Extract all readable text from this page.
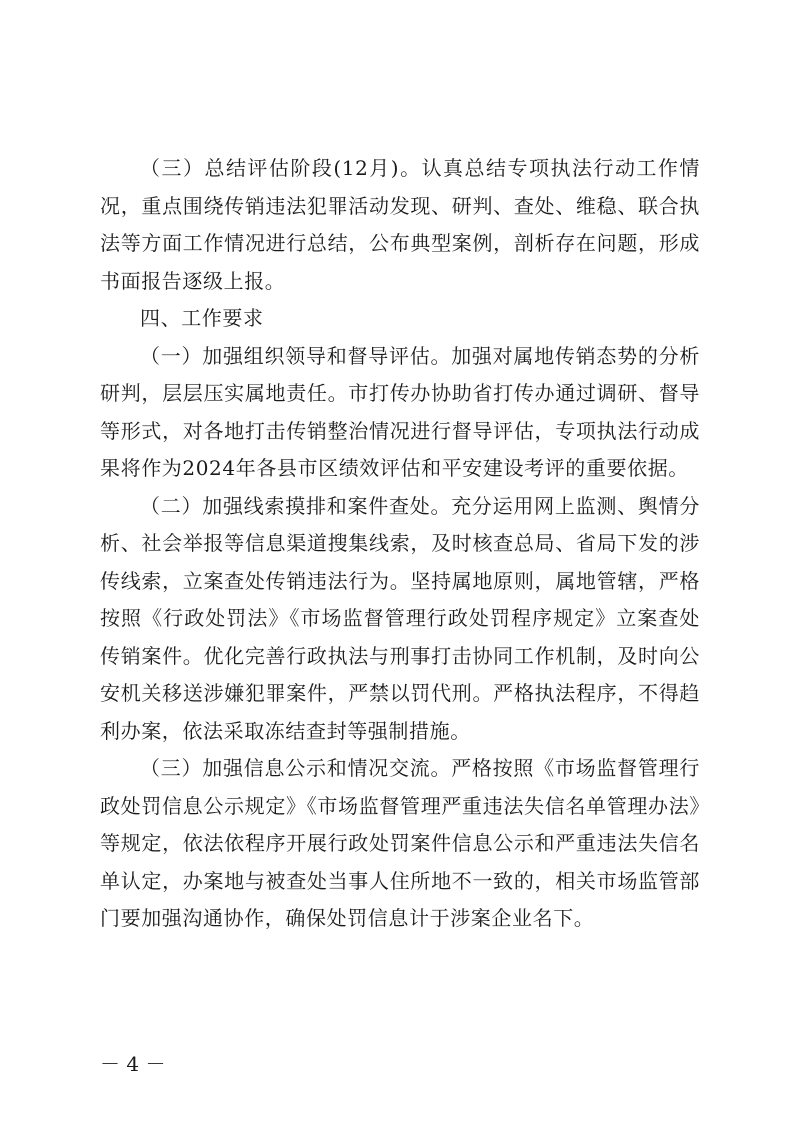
（三）总结评估阶段(12月)。认真总结专项执法行动工作情况，重点围绕传销违法犯罪活动发现、研判、查处、维稳、联合执法等方面工作情况进行总结，公布典型案例，剖析存在问题，形成书面报告逐级上报。

四、工作要求

（一）加强组织领导和督导评估。加强对属地传销态势的分析研判，层层压实属地责任。市打传办协助省打传办通过调研、督导等形式，对各地打击传销整治情况进行督导评估，专项执法行动成果将作为2024年各县市区绩效评估和平安建设考评的重要依据。

（二）加强线索摸排和案件查处。充分运用网上监测、舆情分析、社会举报等信息渠道搜集线索，及时核查总局、省局下发的涉传线索，立案查处传销违法行为。坚持属地原则，属地管辖，严格按照《行政处罚法》《市场监督管理行政处罚程序规定》立案查处传销案件。优化完善行政执法与刑事打击协同工作机制，及时向公安机关移送涉嫌犯罪案件，严禁以罚代刑。严格执法程序，不得趋利办案，依法采取冻结查封等强制措施。

（三）加强信息公示和情况交流。严格按照《市场监督管理行政处罚信息公示规定》《市场监督管理严重违法失信名单管理办法》等规定，依法依程序开展行政处罚案件信息公示和严重违法失信名单认定，办案地与被查处当事人住所地不一致的，相关市场监管部门要加强沟通协作，确保处罚信息计于涉案企业名下。

－ 4 －
